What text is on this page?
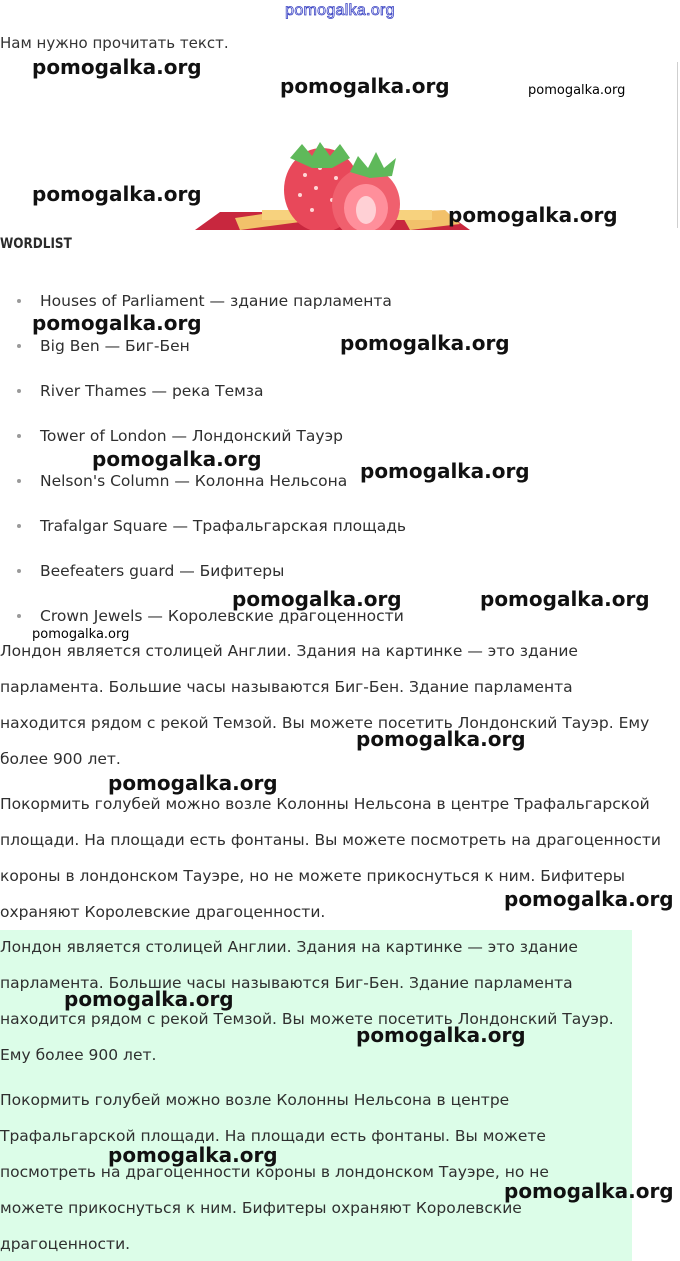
pomogalka.org
Нам нужно прочитать текст.
WORDLIST
Houses of Parliament — здание парламента
Big Ben — Биг-Бен
River Thames — река Темза
Tower of London — Лондонский Тауэр
Nelson's Column — Колонна Нельсона
Trafalgar Square — Трафальгарская площадь
Beefeaters guard — Бифитеры
Crown Jewels — Королевские драгоценности
Лондон является столицей Англии. Здания на картинке — это здание
парламента. Большие часы называются Биг-Бен. Здание парламента
находится рядом с рекой Темзой. Вы можете посетить Лондонский Тауэр. Ему
более 900 лет.
Покормить голубей можно возле Колонны Нельсона в центре Трафальгарской
площади. На площади есть фонтаны. Вы можете посмотреть на драгоценности
короны в лондонском Тауэре, но не можете прикоснуться к ним. Бифитеры
охраняют Королевские драгоценности.
Лондон является столицей Англии. Здания на картинке — это здание
парламента. Большие часы называются Биг-Бен. Здание парламента
находится рядом с рекой Темзой. Вы можете посетить Лондонский Тауэр.
Ему более 900 лет.
Покормить голубей можно возле Колонны Нельсона в центре
Трафальгарской площади. На площади есть фонтаны. Вы можете
посмотреть на драгоценности короны в лондонском Тауэре, но не
можете прикоснуться к ним. Бифитеры охраняют Королевские
драгоценности.
pomogalka.org
pomogalka.org	pomogalka.org
pomogalka.org
pomogalka.org
pomogalka.org
pomogalka.org
pomogalka.org	pomogalka.org
pomogalka.org	pomogalka.org
pomogalka.org
pomogalka.org
pomogalka.org
pomogalka.org
pomogalka.org
pomogalka.org
pomogalka.org
pomogalka.org
